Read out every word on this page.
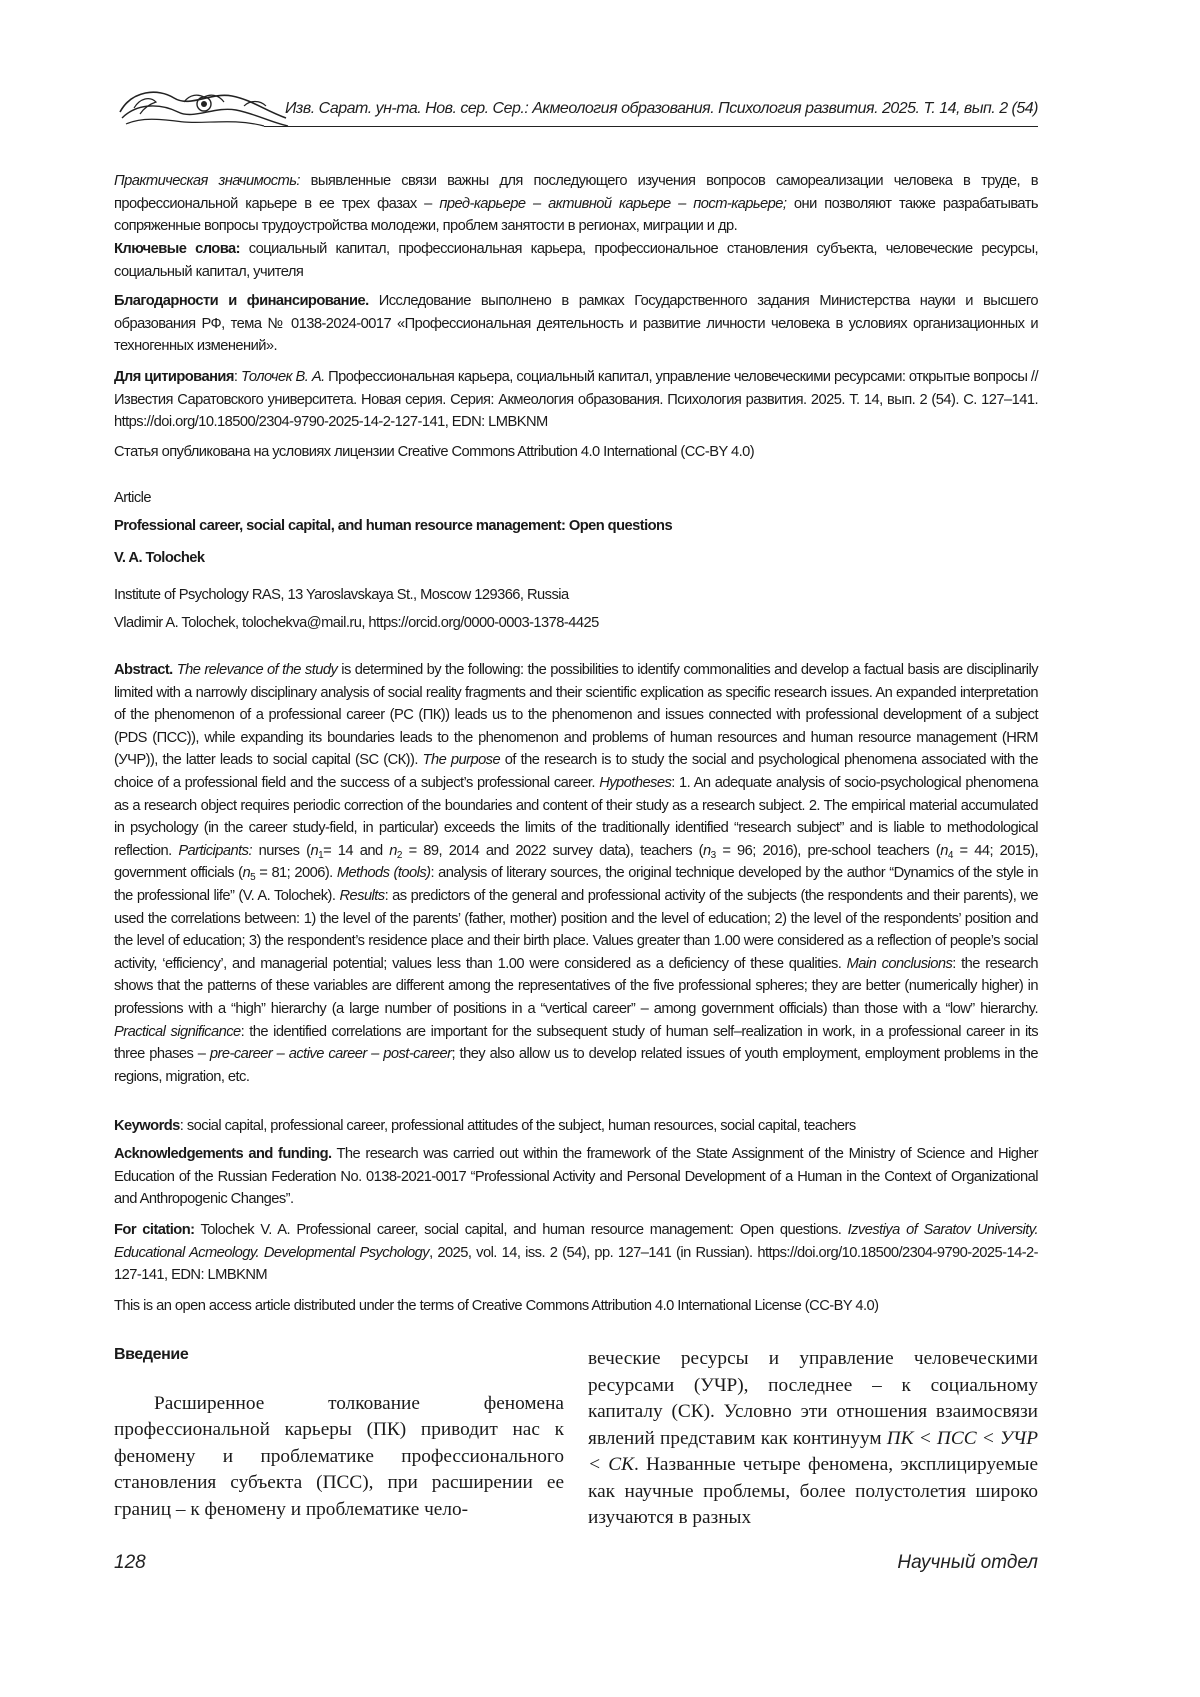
Изв. Сарат. ун-та. Нов. сер. Сер.: Акмеология образования. Психология развития. 2025. Т. 14, вып. 2 (54)

Практическая значимость: выявленные связи важны для последующего изучения вопросов самореализации человека в труде, в профессиональной карьере в ее трех фазах – пред-карьере – активной карьере – пост-карьере; они позволяют также разрабатывать сопряженные вопросы трудоустройства молодежи, проблем занятости в регионах, миграции и др.

Ключевые слова: социальный капитал, профессиональная карьера, профессиональное становления субъекта, человеческие ресурсы, социальный капитал, учителя

Благодарности и финансирование. Исследование выполнено в рамках Государственного задания Министерства науки и высшего образования РФ, тема № 0138-2024-0017 «Профессиональная деятельность и развитие личности человека в условиях организационных и техногенных изменений».

Для цитирования: Толочек В. А. Профессиональная карьера, социальный капитал, управление человеческими ресурсами: открытые вопросы // Известия Саратовского университета. Новая серия. Серия: Акмеология образования. Психология развития. 2025. Т. 14, вып. 2 (54). С. 127–141. https://doi.org/10.18500/2304-9790-2025-14-2-127-141, EDN: LMBKNM

Статья опубликована на условиях лицензии Creative Commons Attribution 4.0 International (CC-BY 4.0)

Article

Professional career, social capital, and human resource management: Open questions

V. A. Tolochek

Institute of Psychology RAS, 13 Yaroslavskaya St., Moscow 129366, Russia

Vladimir A. Tolochek, tolochekva@mail.ru, https://orcid.org/0000-0003-1378-4425

Abstract. The relevance of the study is determined by the following: the possibilities to identify commonalities and develop a factual basis are disciplinarily limited with a narrowly disciplinary analysis of social reality fragments and their scientific explication as specific research issues. An expanded interpretation of the phenomenon of a professional career (PC (ПК)) leads us to the phenomenon and issues connected with professional development of a subject (PDS (ПСС)), while expanding its boundaries leads to the phenomenon and problems of human resources and human resource management (HRM (УЧР)), the latter leads to social capital (SC (СК)). The purpose of the research is to study the social and psychological phenomena associated with the choice of a professional field and the success of a subject’s professional career. Hypotheses: 1. An adequate analysis of socio-psychological phenomena as a research object requires periodic correction of the boundaries and content of their study as a research subject. 2. The empirical material accumulated in psychology (in the career study-field, in particular) exceeds the limits of the traditionally identified “research subject” and is liable to methodological reflection. Participants: nurses (n1= 14 and n2 = 89, 2014 and 2022 survey data), teachers (n3 = 96; 2016), pre-school teachers (n4 = 44; 2015), government officials (n5 = 81; 2006). Methods (tools): analysis of literary sources, the original technique developed by the author “Dynamics of the style in the professional life” (V. A. Tolochek). Results: as predictors of the general and professional activity of the subjects (the respondents and their parents), we used the correlations between: 1) the level of the parents’ (father, mother) position and the level of education; 2) the level of the respondents’ position and the level of education; 3) the respondent’s residence place and their birth place. Values greater than 1.00 were considered as a reflection of people’s social activity, ‘efficiency’, and managerial potential; values less than 1.00 were considered as a deficiency of these qualities. Main conclusions: the research shows that the patterns of these variables are different among the representatives of the five professional spheres; they are better (numerically higher) in professions with a “high” hierarchy (a large number of positions in a “vertical career” – among government officials) than those with a “low” hierarchy. Practical significance: the identified correlations are important for the subsequent study of human self–realization in work, in a professional career in its three phases – pre-career – active career – post-career; they also allow us to develop related issues of youth employment, employment problems in the regions, migration, etc.

Keywords: social capital, professional career, professional attitudes of the subject, human resources, social capital, teachers

Acknowledgements and funding. The research was carried out within the framework of the State Assignment of the Ministry of Science and Higher Education of the Russian Federation No. 0138-2021-0017 “Professional Activity and Personal Development of a Human in the Context of Organizational and Anthropogenic Changes”.

For citation: Tolochek V. A. Professional career, social capital, and human resource management: Open questions. Izvestiya of Saratov University. Educational Acmeology. Developmental Psychology, 2025, vol. 14, iss. 2 (54), pp. 127–141 (in Russian). https://doi.org/10.18500/2304-9790-2025-14-2-127-141, EDN: LMBKNM

This is an open access article distributed under the terms of Creative Commons Attribution 4.0 International License (CC-BY 4.0)

Введение

Расширенное толкование феномена профессиональной карьеры (ПК) приводит нас к феномену и проблематике профессионального становления субъекта (ПСС), при расширении ее границ – к феномену и проблематике чело-

веческие ресурсы и управление человеческими ресурсами (УЧР), последнее – к социальному капиталу (СК). Условно эти отношения взаимосвязи явлений представим как континуум ПК < ПСС < УЧР < СК. Названные четыре феномена, эксплицируемые как научные проблемы, более полустолетия широко изучаются в разных

128	Научный отдел
